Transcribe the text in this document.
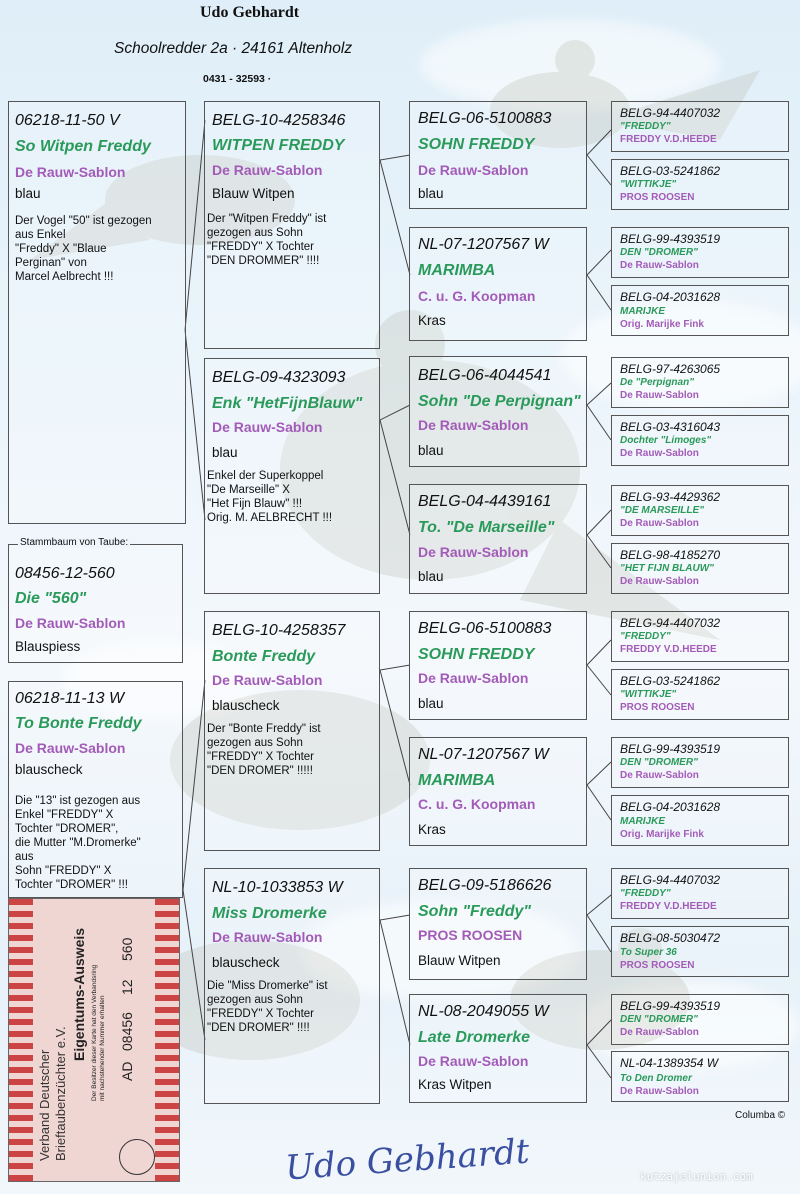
Udo Gebhardt
Schoolredder 2a · 24161 Altenholz
0431 - 32593 ·
06218-11-50 V
So Witpen Freddy
De Rauw-Sablon
blau
Der Vogel "50" ist gezogen
aus Enkel
"Freddy" X "Blaue
Perginan" von
Marcel Aelbrecht !!!
Stammbaum von Taube:
08456-12-560
Die "560"
De Rauw-Sablon
Blauspiess
06218-11-13 W
To Bonte Freddy
De Rauw-Sablon
blauscheck
Die "13" ist gezogen aus
Enkel "FREDDY" X
Tochter "DROMER",
die Mutter "M.Dromerke"
aus
Sohn "FREDDY" X
Tochter "DROMER" !!!
Verband Deutscher Brieftaubenzüchter e.V.
Eigentums-Ausweis Der Besitzer dieser Karte hat den Verbandsring mit nachstehender Nummer erhalten AD
08456
12
560
BELG-10-4258346
WITPEN FREDDY
De Rauw-Sablon
Blauw Witpen
Der "Witpen Freddy" ist
gezogen aus Sohn
"FREDDY" X Tochter
"DEN DROMMER" !!!!
BELG-09-4323093
Enk "HetFijnBlauw"
De Rauw-Sablon
blau
Enkel der Superkoppel
"De Marseille" X
"Het Fijn Blauw" !!!
Orig. M. AELBRECHT !!!
BELG-10-4258357
Bonte Freddy
De Rauw-Sablon
blauscheck
Der "Bonte Freddy" ist
gezogen aus Sohn
"FREDDY" X Tochter
"DEN DROMER" !!!!!
NL-10-1033853 W
Miss Dromerke
De Rauw-Sablon
blauscheck
Die "Miss Dromerke" ist
gezogen aus Sohn
"FREDDY" X Tochter
"DEN DROMER" !!!!
BELG-06-5100883
SOHN FREDDY
De Rauw-Sablon
blau
NL-07-1207567 W
MARIMBA
C. u. G. Koopman
Kras
BELG-06-4044541
Sohn "De Perpignan"
De Rauw-Sablon
blau
BELG-04-4439161
To. "De Marseille"
De Rauw-Sablon
blau
BELG-06-5100883
SOHN FREDDY
De Rauw-Sablon
blau
NL-07-1207567 W
MARIMBA
C. u. G. Koopman
Kras
BELG-09-5186626
Sohn "Freddy"
PROS ROOSEN
Blauw Witpen
NL-08-2049055 W
Late Dromerke
De Rauw-Sablon
Kras Witpen
BELG-94-4407032
"FREDDY"
FREDDY V.D.HEEDE
BELG-03-5241862
"WITTIKJE"
PROS ROOSEN
BELG-99-4393519
DEN "DROMER"
De Rauw-Sablon
BELG-04-2031628
MARIJKE
Orig. Marijke Fink
BELG-97-4263065
De "Perpignan"
De Rauw-Sablon
BELG-03-4316043
Dochter "Limoges"
De Rauw-Sablon
BELG-93-4429362
"DE MARSEILLE"
De Rauw-Sablon
BELG-98-4185270
"HET FIJN BLAUW"
De Rauw-Sablon
BELG-94-4407032
"FREDDY"
FREDDY V.D.HEEDE
BELG-03-5241862
"WITTIKJE"
PROS ROOSEN
BELG-99-4393519
DEN "DROMER"
De Rauw-Sablon
BELG-04-2031628
MARIJKE
Orig. Marijke Fink
BELG-94-4407032
"FREDDY"
FREDDY V.D.HEEDE
BELG-08-5030472
To Super 36
PROS ROOSEN
BELG-99-4393519
DEN "DROMER"
De Rauw-Sablon
NL-04-1389354 W
To Den Dromer
De Rauw-Sablon
Columba ©
Udo Gebhardt	kutzajelunion.com
